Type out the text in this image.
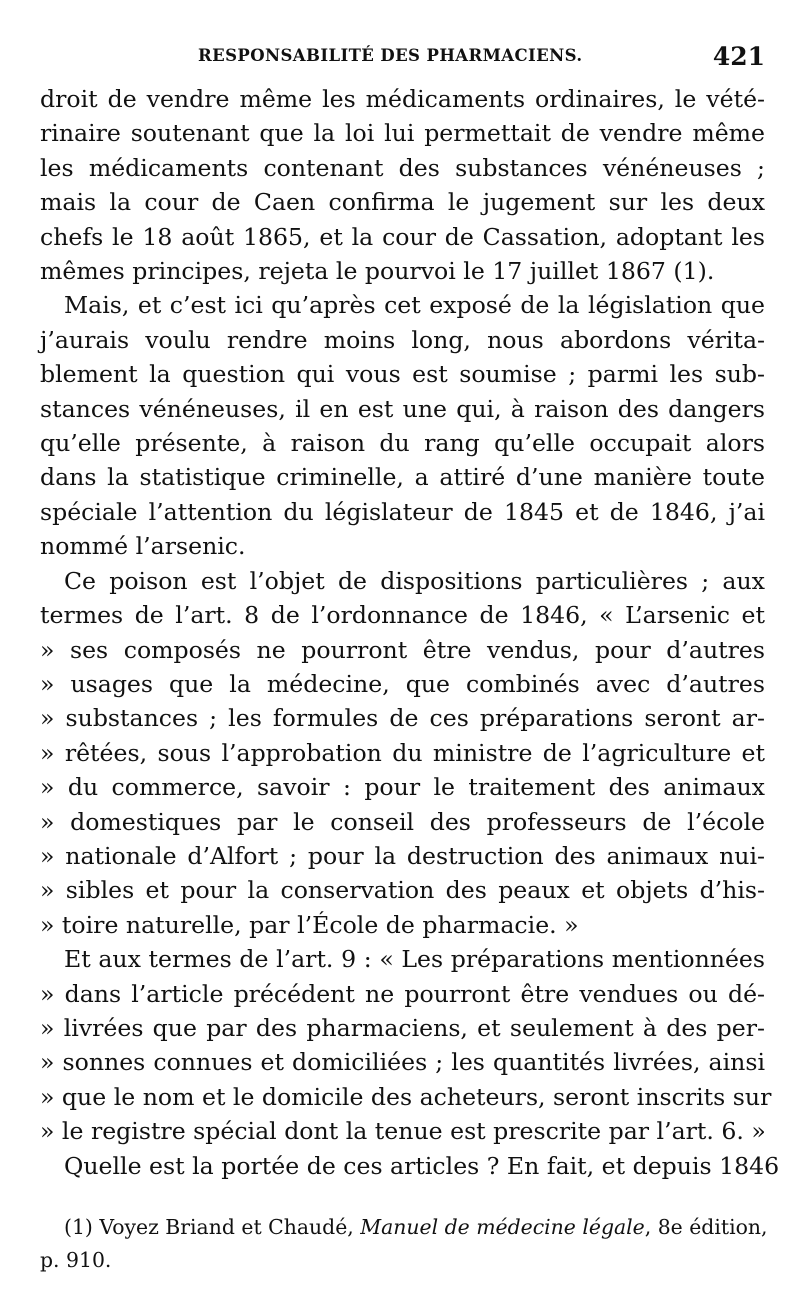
RESPONSABILITÉ DES PHARMACIENS.	421
droit de vendre même les médicaments ordinaires, le vété-
rinaire soutenant que la loi lui permettait de vendre même
les médicaments contenant des substances vénéneuses ;
mais la cour de Caen confirma le jugement sur les deux
chefs le 18 août 1865, et la cour de Cassation, adoptant les
mêmes principes, rejeta le pourvoi le 17 juillet 1867 (1).
Mais, et c’est ici qu’après cet exposé de la législation que
j’aurais voulu rendre moins long, nous abordons vérita-
blement la question qui vous est soumise ; parmi les sub-
stances vénéneuses, il en est une qui, à raison des dangers
qu’elle présente, à raison du rang qu’elle occupait alors
dans la statistique criminelle, a attiré d’une manière toute
spéciale l’attention du législateur de 1845 et de 1846, j’ai
nommé l’arsenic.
Ce poison est l’objet de dispositions particulières ; aux
termes de l’art. 8 de l’ordonnance de 1846, « L’arsenic et
» ses composés ne pourront être vendus, pour d’autres
» usages que la médecine, que combinés avec d’autres
» substances ; les formules de ces préparations seront ar-
» rêtées, sous l’approbation du ministre de l’agriculture et
» du commerce, savoir : pour le traitement des animaux
» domestiques par le conseil des professeurs de l’école
» nationale d’Alfort ; pour la destruction des animaux nui-
» sibles et pour la conservation des peaux et objets d’his-
» toire naturelle, par l’École de pharmacie. »
Et aux termes de l’art. 9 : « Les préparations mentionnées
» dans l’article précédent ne pourront être vendues ou dé-
» livrées que par des pharmaciens, et seulement à des per-
» sonnes connues et domiciliées ; les quantités livrées, ainsi
» que le nom et le domicile des acheteurs, seront inscrits sur
» le registre spécial dont la tenue est prescrite par l’art. 6. »
Quelle est la portée de ces articles ? En fait, et depuis 1846
(1) Voyez Briand et Chaudé, Manuel de médecine légale, 8e édition,
p. 910.
